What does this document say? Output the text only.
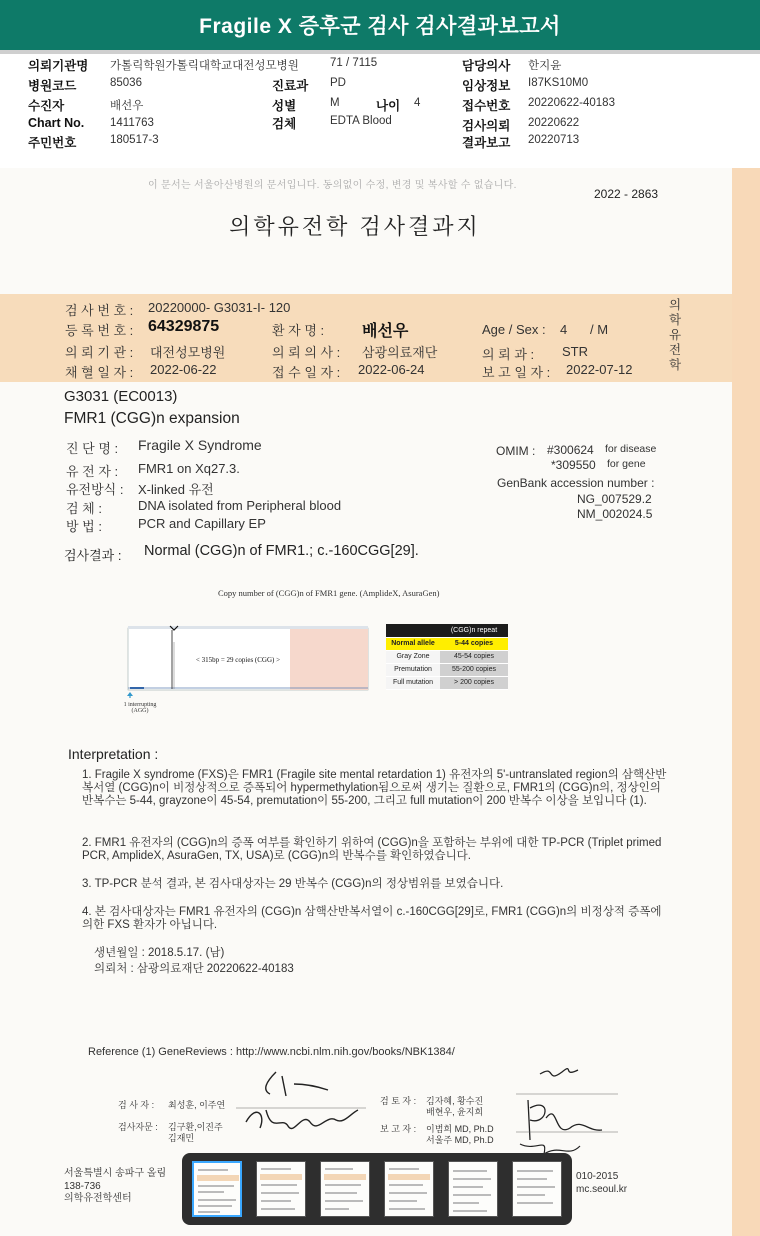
Fragile X 증후군 검사 검사결과보고서
의뢰기관명 가톨릭학원가톨릭대학교대전성모병원	71 / 7115	담당의사 한지윤
병원코드	85036	진료과 PD	임상정보 I87KS10M0
수진자	배선우	성별	M	나이 4	접수번호 20220622-40183
Chart No. 1411763	검체	EDTA Blood	검사의뢰 20220622
주민번호	180517-3	결과보고 20220713
이 문서는 서울아산병원의 문서입니다. 동의없이 수정, 변경 및 복사할 수 없습니다.
2022 - 2863
의학유전학 검사결과지
검 사 번 호 : 20220000- G3031-I- 120
등 록 번 호 : 64329875	환 자 명 : 배선우	Age / Sex : 4 / M
의 뢰 기 관 : 대전성모병원	의 뢰 의 사 : 삼광의료재단	의 뢰 과 : STR
채 혈 일 자 : 2022-06-22	접 수 일 자 : 2022-06-24	보 고 일 자 : 2022-07-12
의
학
유
전
학
G3031 (EC0013)
FMR1 (CGG)n expansion
진 단 명 : Fragile X Syndrome
유 전 자 : FMR1 on Xq27.3.
유전방식 : X-linked 유전
검 체 :	DNA isolated from Peripheral blood
방 법 :	PCR and Capillary EP
OMIM : #300624 for disease
*309550 for gene
GenBank accession number :
NG_007529.2
NM_002024.5
검사결과 : Normal (CGG)n of FMR1.; c.-160CGG[29].
Copy number of (CGG)n of FMR1 gene. (AmplideX, AsuraGen)
< 315bp = 29 copies (CGG) >
1 interrupting
(AGG)
	(CGG)n repeat
Normal allele	5-44 copies
Gray Zone	45-54 copies
Premutation	55-200 copies
Full mutation	> 200 copies
Interpretation :
1. Fragile X syndrome (FXS)은 FMR1 (Fragile site mental retardation 1) 유전자의 5'-untranslated region의 삼핵산반복서열 (CGG)n이 비정상적으로 증폭되어 hypermethylation됨으로써 생기는 질환으로, FMR1의 (CGG)n의, 정상인의 반복수는 5-44, grayzone이 45-54, premutation이 55-200, 그리고 full mutation이 200 반복수 이상을 보입니다 (1).
2. FMR1 유전자의 (CGG)n의 증폭 여부를 확인하기 위하여 (CGG)n을 포함하는 부위에 대한 TP-PCR (Triplet primed PCR, AmplideX, AsuraGen, TX, USA)로 (CGG)n의 반복수를 확인하였습니다.
3. TP-PCR 분석 결과, 본 검사대상자는 29 반복수 (CGG)n의 정상범위를 보였습니다.
4. 본 검사대상자는 FMR1 유전자의 (CGG)n 삼핵산반복서열이 c.-160CGG[29]로, FMR1 (CGG)n의 비정상적 증폭에 의한 FXS 환자가 아닙니다.
생년월일 : 2018.5.17. (남)
의뢰처 : 삼광의료재단 20220622-40183
Reference (1) GeneReviews : http://www.ncbi.nlm.nih.gov/books/NBK1384/
검 사 자 : 최성훈, 이주연
검사자문 : 김구환,이진주
김재민
검 토 자 : 김자혜, 황수진
배현우, 윤지희
보 고 자 : 이범희 MD, Ph.D
서울주 MD, Ph.D
서울특별시 송파구 올림
138-736
의학유전학센터
010-2015
mc.seoul.kr
